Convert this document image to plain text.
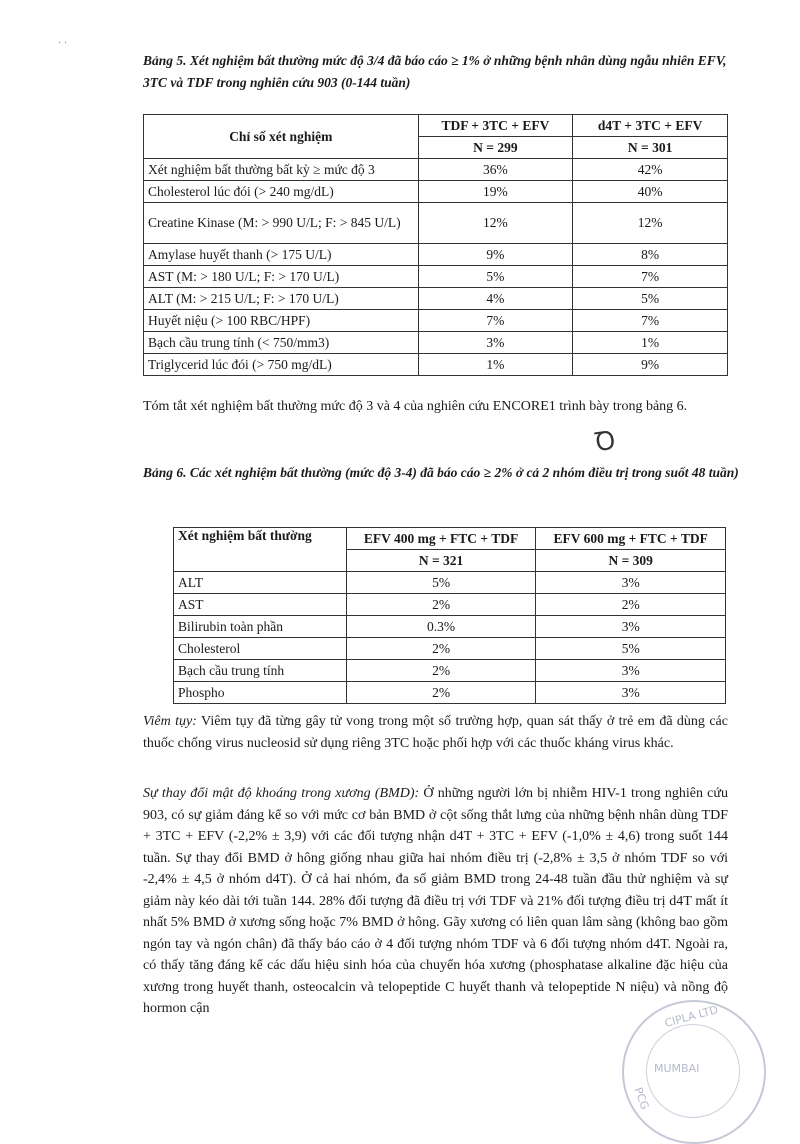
· ·
Bảng 5. Xét nghiệm bất thường mức độ 3/4 đã báo cáo ≥ 1% ở những bệnh nhân dùng ngẫu nhiên EFV, 3TC và TDF trong nghiên cứu 903 (0-144 tuần)
Chỉ số xét nghiệm	TDF + 3TC + EFV	d4T + 3TC + EFV
	N = 299	N = 301
Xét nghiệm bất thường bất kỳ ≥ mức độ 3	36%	42%
Cholesterol lúc đói (> 240 mg/dL)	19%	40%
Creatine Kinase (M: > 990 U/L; F: > 845 U/L)	12%	12%
Amylase huyết thanh (> 175 U/L)	9%	8%
AST (M: > 180 U/L; F: > 170 U/L)	5%	7%
ALT (M: > 215 U/L; F: > 170 U/L)	4%	5%
Huyết niệu (> 100 RBC/HPF)	7%	7%
Bạch cầu trung tính (< 750/mm3)	3%	1%
Triglycerid lúc đói (> 750 mg/dL)	1%	9%
Tóm tắt xét nghiệm bất thường mức độ 3 và 4 của nghiên cứu ENCORE1 trình bày trong bảng 6.
Ꝺ
Bảng 6. Các xét nghiệm bất thường (mức độ 3-4) đã báo cáo ≥ 2% ở cả 2 nhóm điều trị trong suốt 48 tuần)
Xét nghiệm bất thường	EFV 400 mg + FTC + TDF	EFV 600 mg + FTC + TDF
	N = 321	N = 309
ALT	5%	3%
AST	2%	2%
Bilirubin toàn phần	0.3%	3%
Cholesterol	2%	5%
Bạch cầu trung tính	2%	3%
Phospho	2%	3%
Viêm tụy: Viêm tụy đã từng gây tử vong trong một số trường hợp, quan sát thấy ở trẻ em đã dùng các thuốc chống virus nucleosid sử dụng riêng 3TC hoặc phối hợp với các thuốc kháng virus khác.
Sự thay đổi mật độ khoáng trong xương (BMD): Ở những người lớn bị nhiễm HIV-1 trong nghiên cứu 903, có sự giảm đáng kể so với mức cơ bản BMD ở cột sống thắt lưng của những bệnh nhân dùng TDF + 3TC + EFV (-2,2% ± 3,9) với các đối tượng nhận d4T + 3TC + EFV (-1,0% ± 4,6) trong suốt 144 tuần. Sự thay đổi BMD ở hông giống nhau giữa hai nhóm điều trị (-2,8% ± 3,5 ở nhóm TDF so với -2,4% ± 4,5 ở nhóm d4T). Ở cả hai nhóm, đa số giảm BMD trong 24-48 tuần đầu thử nghiệm và sự giảm này kéo dài tới tuần 144. 28% đối tượng đã điều trị với TDF và 21% đối tượng điều trị d4T mất ít nhất 5% BMD ở xương sống hoặc 7% BMD ở hông. Gãy xương có liên quan lâm sàng (không bao gồm ngón tay và ngón chân) đã thấy báo cáo ở 4 đối tượng nhóm TDF và 6 đối tượng nhóm d4T. Ngoài ra, có thấy tăng đáng kể các dấu hiệu sinh hóa của chuyển hóa xương (phosphatase alkaline đặc hiệu của xương trong huyết thanh, osteocalcin và telopeptide C huyết thanh và telopeptide N niệu) và nồng độ hormon cận	CIPLA LTD
MUMBAI
PCG
